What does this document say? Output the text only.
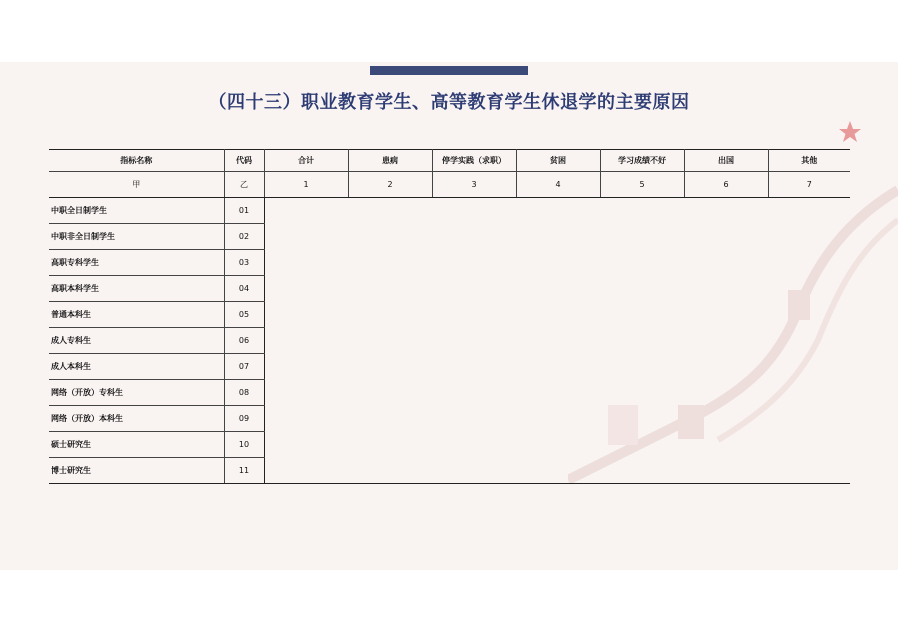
（四十三）职业教育学生、高等教育学生休退学的主要原因
指标名称	代码	合计	患病	停学实践（求职）	贫困	学习成绩不好	出国	其他
甲	乙	1	2	3	4	5	6	7
中职全日制学生	01							
中职非全日制学生	02							
高职专科学生	03							
高职本科学生	04							
普通本科生	05							
成人专科生	06							
成人本科生	07							
网络（开放）专科生	08							
网络（开放）本科生	09							
硕士研究生	10							
博士研究生	11							
